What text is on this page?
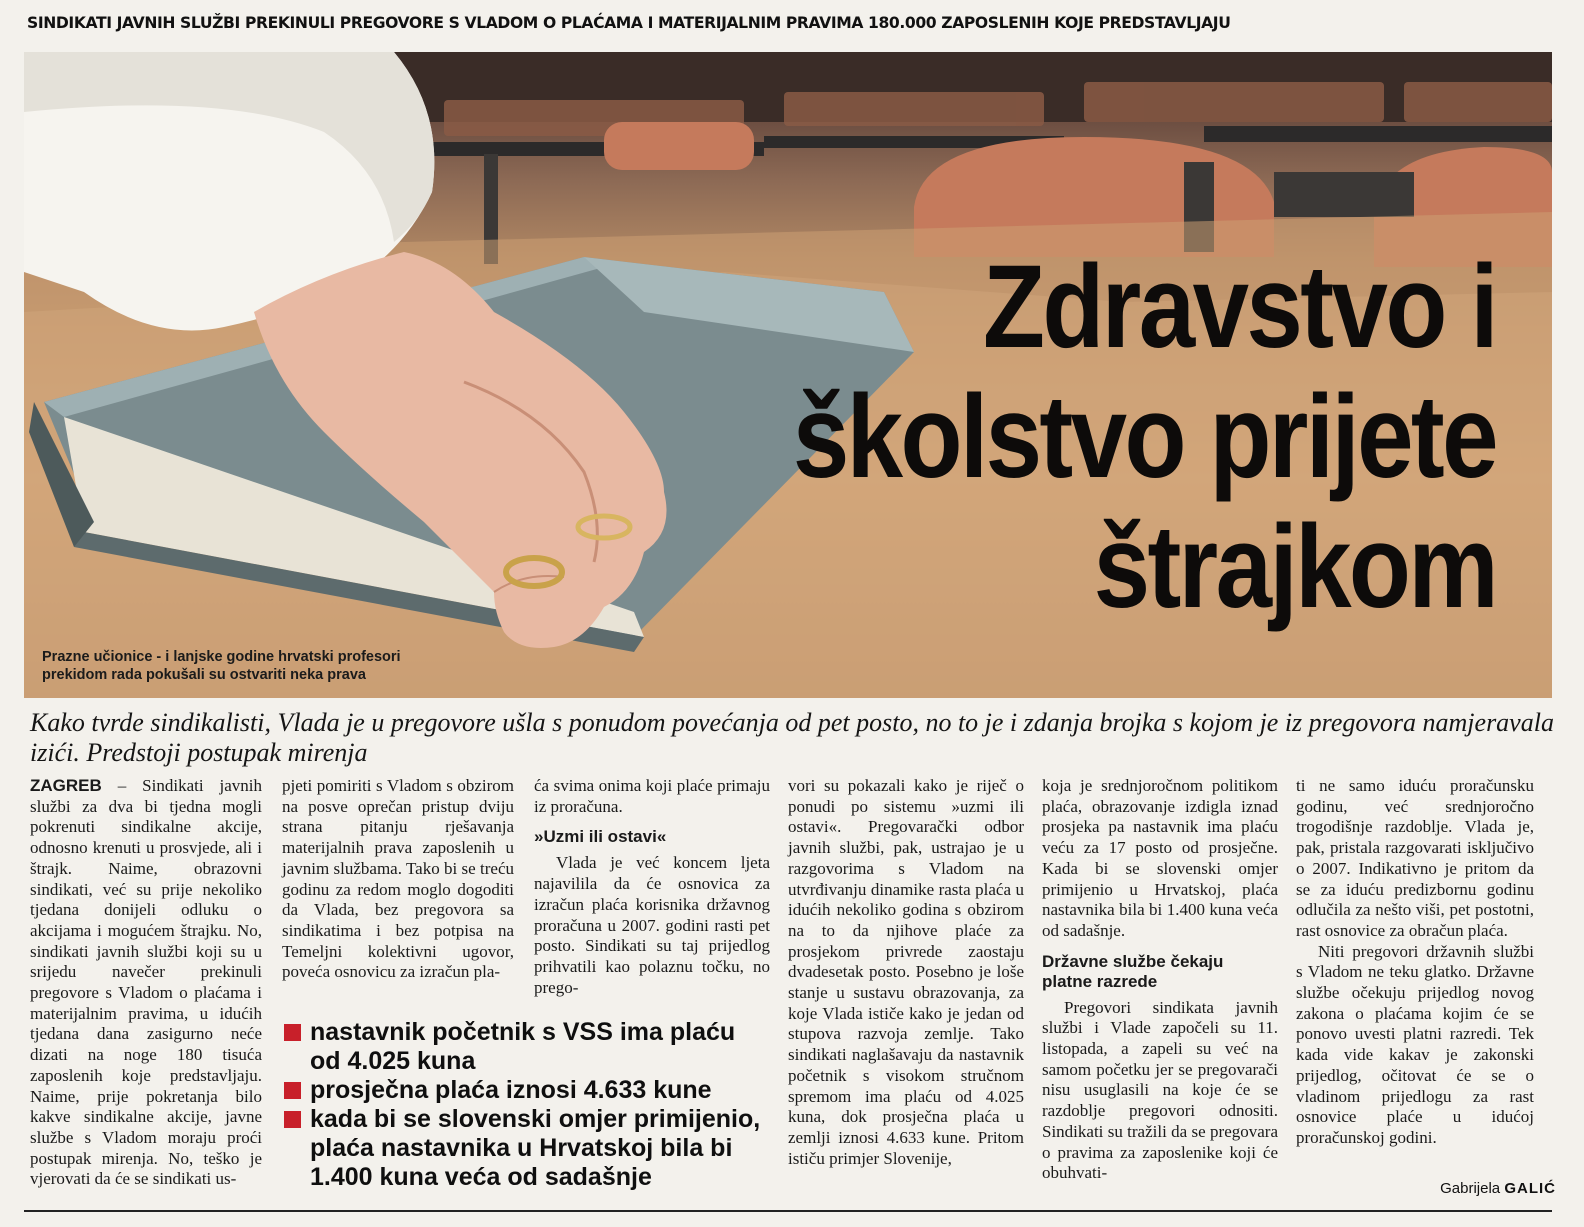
SINDIKATI JAVNIH SLUŽBI PREKINULI PREGOVORE S VLADOM O PLAĆAMA I MATERIJALNIM PRAVIMA 180.000 ZAPOSLENIH KOJE PREDSTAVLJAJU
Zdravstvo i
školstvo prijete
štrajkom
Prazne učionice - i lanjske godine hrvatski profesori
prekidom rada pokušali su ostvariti neka prava
Kako tvrde sindikalisti, Vlada je u pregovore ušla s ponudom povećanja od pet posto, no to je i zdanja brojka s kojom je iz pregovora namjeravala izići. Predstoji postupak mirenja

ZAGREB – Sindikati javnih službi za dva bi tjedna mogli pokrenuti sindikalne akcije, odnosno krenuti u prosvjede, ali i štrajk. Naime, obrazovni sindikati, već su prije nekoliko tjedana donijeli odluku o akcijama i mogućem štrajku. No, sindikati javnih službi koji su u srijedu navečer prekinuli pregovore s Vladom o plaćama i materijalnim pravima, u idućih tjedana dana zasigurno neće dizati na noge 180 tisuća zaposlenih koje predstavljaju. Naime, prije pokretanja bilo kakve sindikalne akcije, javne službe s Vladom moraju proći postupak mirenja. No, teško je vjerovati da će se sindikati us-

pjeti pomiriti s Vladom s obzirom na posve oprečan pristup dviju strana pitanju rješavanja materijalnih prava zaposlenih u javnim službama. Tako bi se treću godinu za redom moglo dogoditi da Vlada, bez pregovora sa sindikatima i bez potpisa na Temeljni kolektivni ugovor, poveća osnovicu za izračun pla-

ća svima onima koji plaće primaju iz proračuna.

»Uzmi ili ostavi«

Vlada je već koncem ljeta najavilila da će osnovica za izračun plaća korisnika državnog proračuna u 2007. godini rasti pet posto. Sindikati su taj prijedlog prihvatili kao polaznu točku, no prego-

vori su pokazali kako je riječ o ponudi po sistemu »uzmi ili ostavi«. Pregovarački odbor javnih službi, pak, ustrajao je u razgovorima s Vladom na utvrđivanju dinamike rasta plaća u idućih nekoliko godina s obzirom na to da njihove plaće za prosjekom privrede zaostaju dvadesetak posto. Posebno je loše stanje u sustavu obrazovanja, za koje Vlada ističe kako je jedan od stupova razvoja zemlje. Tako sindikati naglašavaju da nastavnik početnik s visokom stručnom spremom ima plaću od 4.025 kuna, dok prosječna plaća u zemlji iznosi 4.633 kune. Pritom ističu primjer Slovenije,

koja je srednjoročnom politikom plaća, obrazovanje izdigla iznad prosjeka pa nastavnik ima plaću veću za 17 posto od prosječne. Kada bi se slovenski omjer primijenio u Hrvatskoj, plaća nastavnika bila bi 1.400 kuna veća od sadašnje.

Državne službe čekaju platne razrede

Pregovori sindikata javnih službi i Vlade započeli su 11. listopada, a zapeli su već na samom početku jer se pregovarači nisu usuglasili na koje će se razdoblje pregovori odnositi. Sindikati su tražili da se pregovara o pravima za zaposlenike koji će obuhvati-

ti ne samo iduću proračunsku godinu, već srednjoročno trogodišnje razdoblje. Vlada je, pak, pristala razgovarati isključivo o 2007. Indikativno je pritom da se za iduću predizbornu godinu odlučila za nešto viši, pet postotni, rast osnovice za obračun plaća.

Niti pregovori državnih službi s Vladom ne teku glatko. Državne službe očekuju prijedlog novog zakona o plaćama kojim će se ponovo uvesti platni razredi. Tek kada vide kakav je zakonski prijedlog, očitovat će se o vladinom prijedlogu za rast osnovice plaće u idućoj proračunskoj godini.

nastavnik početnik s VSS ima plaću od 4.025 kuna
prosječna plaća iznosi 4.633 kune
kada bi se slovenski omjer primijenio, plaća nastavnika u Hrvatskoj bila bi 1.400 kuna veća od sadašnje	Gabrijela GALIĆ
